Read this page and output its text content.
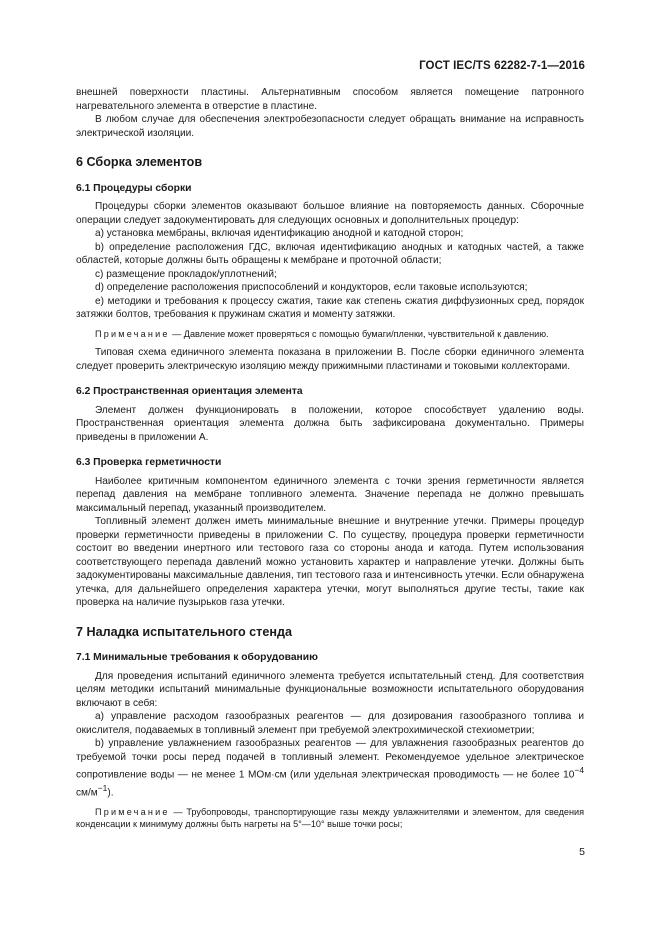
ГОСТ IEC/TS 62282-7-1—2016

внешней поверхности пластины. Альтернативным способом является помещение патронного нагревательного элемента в отверстие в пластине.

В любом случае для обеспечения электробезопасности следует обращать внимание на исправность электрической изоляции.

6 Сборка элементов
6.1 Процедуры сборки

Процедуры сборки элементов оказывают большое влияние на повторяемость данных. Сборочные операции следует задокументировать для следующих основных и дополнительных процедур:

а) установка мембраны, включая идентификацию анодной и катодной сторон;

b) определение расположения ГДС, включая идентификацию анодных и катодных частей, а также областей, которые должны быть обращены к мембране и проточной области;

c) размещение прокладок/уплотнений;

d) определение расположения приспособлений и кондукторов, если таковые используются;

e) методики и требования к процессу сжатия, такие как степень сжатия диффузионных сред, порядок затяжки болтов, требования к пружинам сжатия и моменту затяжки.

Примечание — Давление может проверяться с помощью бумаги/пленки, чувствительной к давлению.

Типовая схема единичного элемента показана в приложении B. После сборки единичного элемента следует проверить электрическую изоляцию между прижимными пластинами и токовыми коллекторами.

6.2 Пространственная ориентация элемента

Элемент должен функционировать в положении, которое способствует удалению воды. Пространственная ориентация элемента должна быть зафиксирована документально. Примеры приведены в приложении А.

6.3 Проверка герметичности

Наиболее критичным компонентом единичного элемента с точки зрения герметичности является перепад давления на мембране топливного элемента. Значение перепада не должно превышать максимальный перепад, указанный производителем.

Топливный элемент должен иметь минимальные внешние и внутренние утечки. Примеры процедур проверки герметичности приведены в приложении С. По существу, процедура проверки герметичности состоит во введении инертного или тестового газа со стороны анода и катода. Путем использования соответствующего перепада давлений можно установить характер и направление утечки. Должны быть задокументированы максимальные давления, тип тестового газа и интенсивность утечки. Если обнаружена утечка, для дальнейшего определения характера утечки, могут выполняться другие тесты, такие как проверка на наличие пузырьков газа утечки.

7 Наладка испытательного стенда
7.1 Минимальные требования к оборудованию

Для проведения испытаний единичного элемента требуется испытательный стенд. Для соответствия целям методики испытаний минимальные функциональные возможности испытательного оборудования включают в себя:

а) управление расходом газообразных реагентов — для дозирования газообразного топлива и окислителя, подаваемых в топливный элемент при требуемой электрохимической стехиометрии;

b) управление увлажнением газообразных реагентов — для увлажнения газообразных реагентов до требуемой точки росы перед подачей в топливный элемент. Рекомендуемое удельное электрическое сопротивление воды — не менее 1 МОм·см (или удельная электрическая проводимость — не более $10^{-4}$ $см/м^{-1}$).

Примечание — Трубопроводы, транспортирующие газы между увлажнителями и элементом, для сведения конденсации к минимуму должны быть нагреты на 5°—10° выше точки росы;

5
